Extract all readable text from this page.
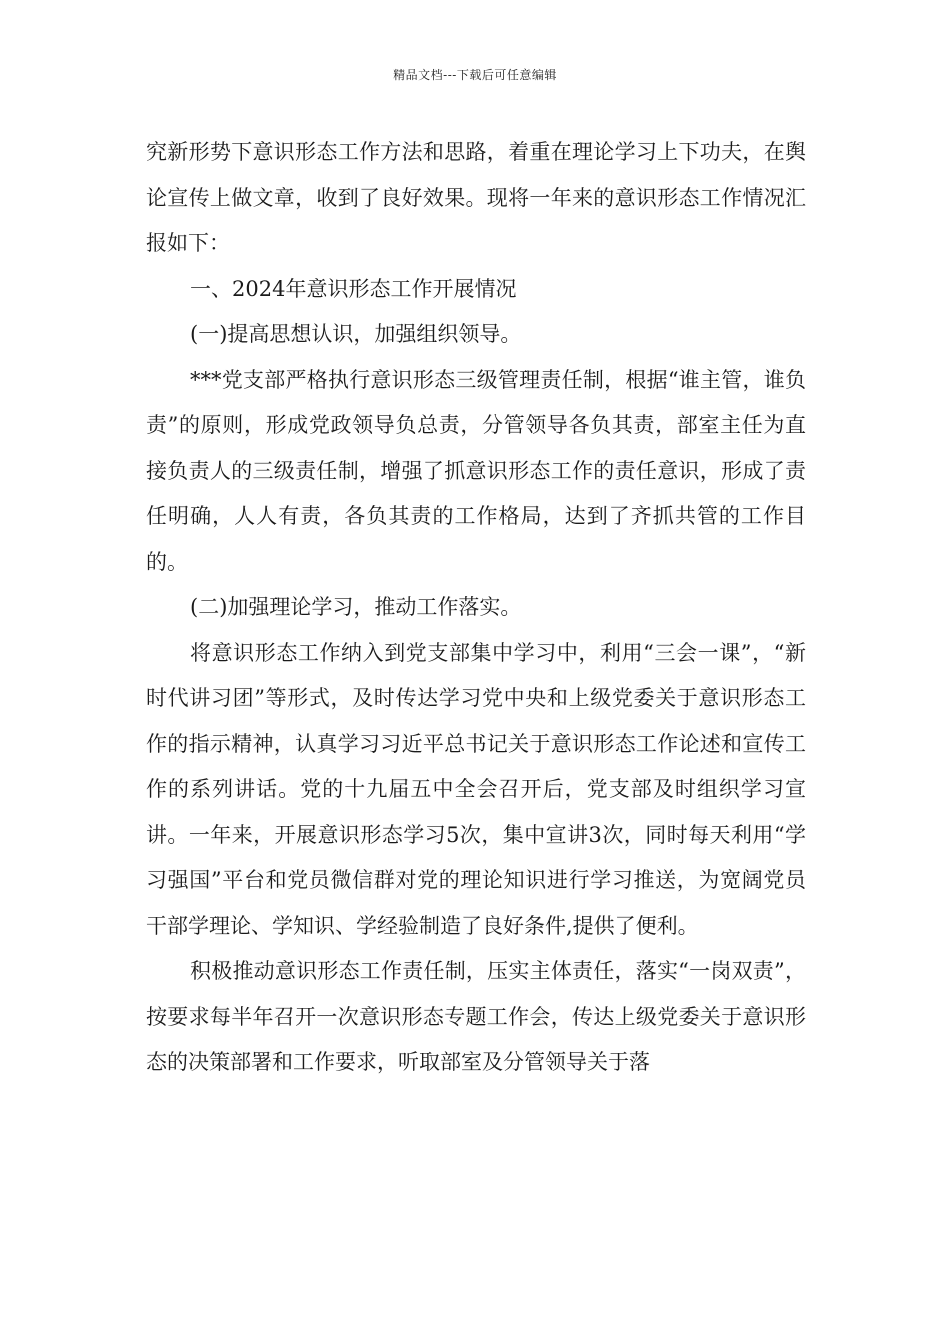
精品文档---下载后可任意编辑

究新形势下意识形态工作方法和思路，着重在理论学习上下功夫，在舆论宣传上做文章，收到了良好效果。现将一年来的意识形态工作情况汇报如下：

一、2024年意识形态工作开展情况

(一)提高思想认识，加强组织领导。

***党支部严格执行意识形态三级管理责任制，根据“谁主管，谁负责”的原则，形成党政领导负总责，分管领导各负其责，部室主任为直接负责人的三级责任制，增强了抓意识形态工作的责任意识，形成了责任明确，人人有责，各负其责的工作格局，达到了齐抓共管的工作目的。

(二)加强理论学习，推动工作落实。

将意识形态工作纳入到党支部集中学习中，利用“三会一课”，“新时代讲习团”等形式，及时传达学习党中央和上级党委关于意识形态工作的指示精神，认真学习习近平总书记关于意识形态工作论述和宣传工作的系列讲话。党的十九届五中全会召开后，党支部及时组织学习宣讲。一年来，开展意识形态学习5次，集中宣讲3次，同时每天利用“学习强国”平台和党员微信群对党的理论知识进行学习推送，为宽阔党员干部学理论、学知识、学经验制造了良好条件,提供了便利。

积极推动意识形态工作责任制，压实主体责任，落实“一岗双责”，按要求每半年召开一次意识形态专题工作会，传达上级党委关于意识形态的决策部署和工作要求，听取部室及分管领导关于落
